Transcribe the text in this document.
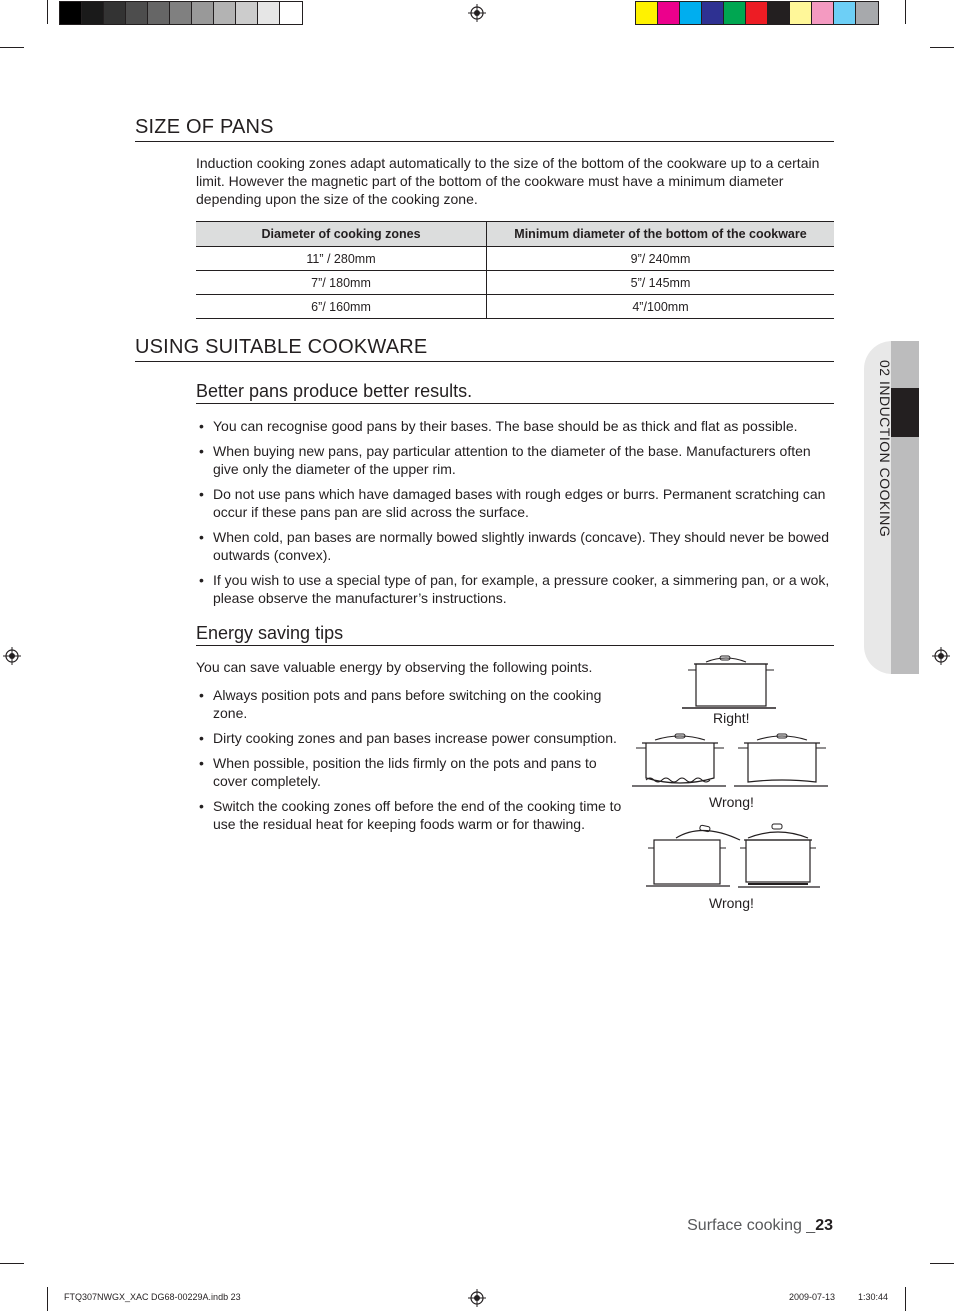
02 INDUCTION COOKING
SIZE OF PANS
Induction cooking zones adapt automatically to the size of the bottom of the cookware up to a certain limit. However the magnetic part of the bottom of the cookware must have a minimum diameter depending upon the size of the cooking zone.
Diameter of cooking zones	Minimum diameter of the bottom of the cookware
11” / 280mm	9”/ 240mm
7”/ 180mm	5”/ 145mm
6”/ 160mm	4”/100mm
USING SUITABLE COOKWARE
Better pans produce better results.
• You can recognise good pans by their bases. The base should be as thick and flat as possible.
• When buying new pans, pay particular attention to the diameter of the base. Manufacturers often give only the diameter of the upper rim.
• Do not use pans which have damaged bases with rough edges or burrs. Permanent scratching can occur if these pans pan are slid across the surface.
• When cold, pan bases are normally bowed slightly inwards (concave). They should never be bowed outwards (convex).
• If you wish to use a special type of pan, for example, a pressure cooker, a simmering pan, or a wok, please observe the manufacturer’s instructions.
Energy saving tips
You can save valuable energy by observing the following points.
• Always position pots and pans before switching on the cooking zone.
• Dirty cooking zones and pan bases increase power consumption.
• When possible, position the lids firmly on the pots and pans to cover completely.
• Switch the cooking zones off before the end of the cooking time to use the residual heat for keeping foods warm or for thawing.
Right!
Wrong!
Wrong!
Surface cooking _23
FTQ307NWGX_XAC DG68-00229A.indb 23	2009-07-13	1:30:44
